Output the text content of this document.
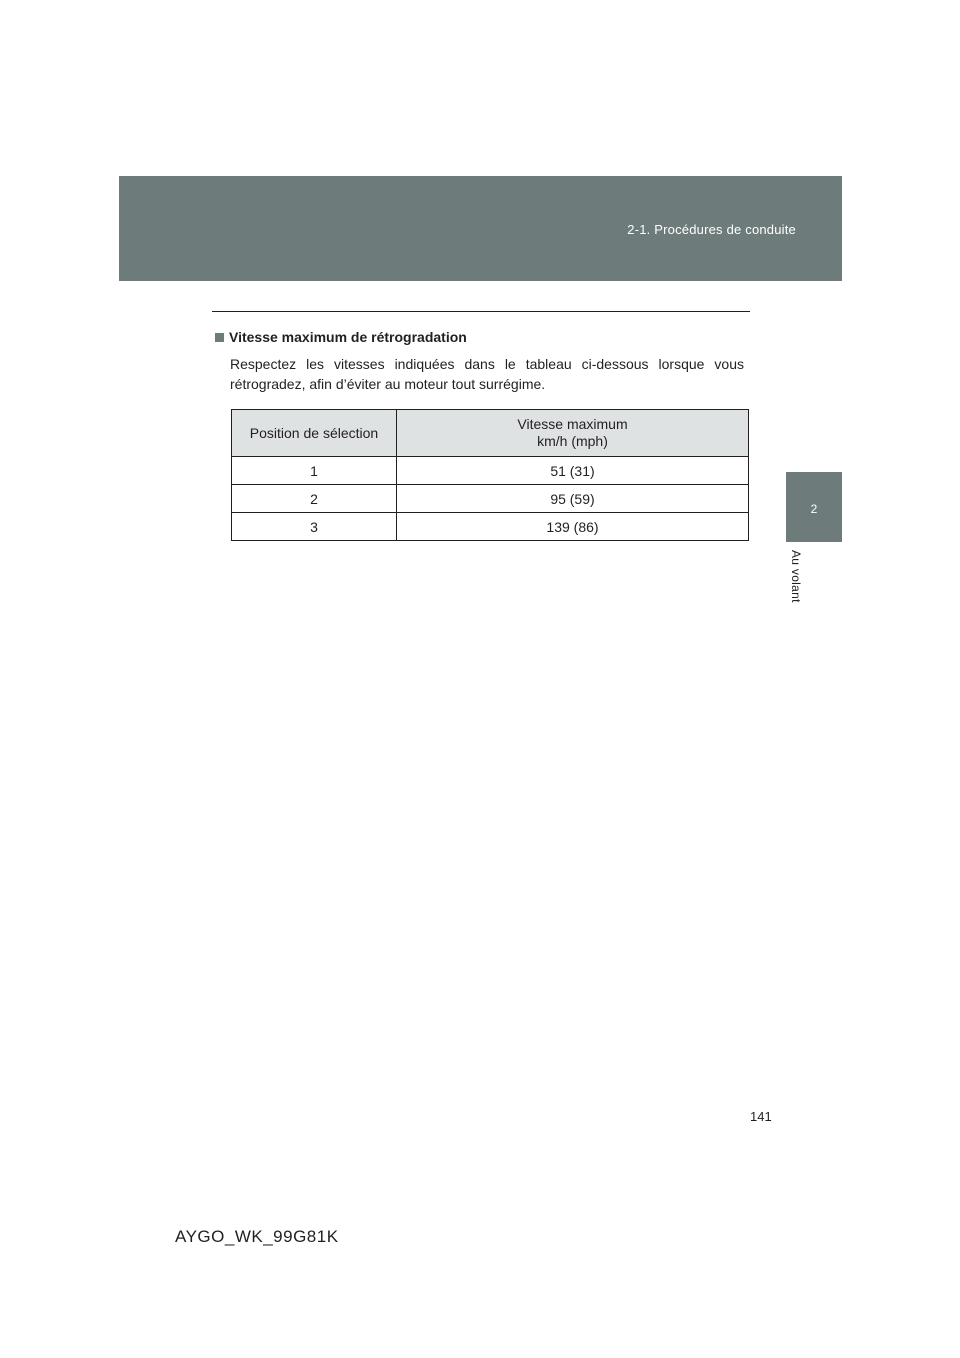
2-1. Procédures de conduite
2
Au volant
Vitesse maximum de rétrogradation
Respectez les vitesses indiquées dans le tableau ci-dessous lorsque vous rétrogradez, afin d’éviter au moteur tout surrégime.
Position de sélection	Vitesse maximum
km/h (mph)
1	51 (31)
2	95 (59)
3	139 (86)
141
AYGO_WK_99G81K
